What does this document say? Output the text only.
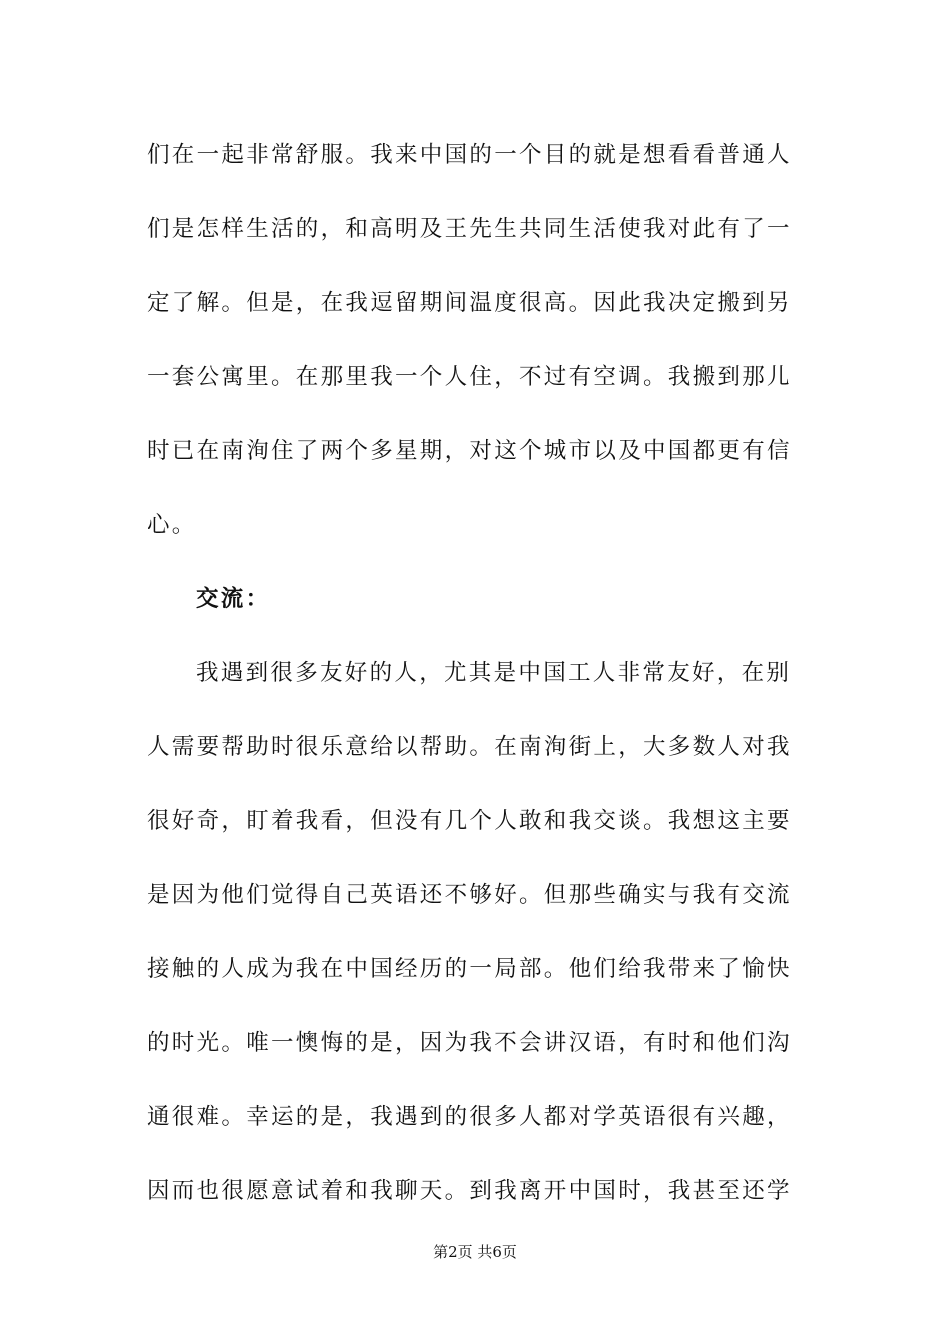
们在一起非常舒服。我来中国的一个目的就是想看看普通人
们是怎样生活的，和高明及王先生共同生活使我对此有了一
定了解。但是，在我逗留期间温度很高。因此我决定搬到另
一套公寓里。在那里我一个人住，不过有空调。我搬到那儿
时已在南洵住了两个多星期，对这个城市以及中国都更有信
心。
交流：
我遇到很多友好的人，尤其是中国工人非常友好，在别
人需要帮助时很乐意给以帮助。在南洵街上，大多数人对我
很好奇，盯着我看，但没有几个人敢和我交谈。我想这主要
是因为他们觉得自己英语还不够好。但那些确实与我有交流
接触的人成为我在中国经历的一局部。他们给我带来了愉快
的时光。唯一懊悔的是，因为我不会讲汉语，有时和他们沟
通很难。幸运的是，我遇到的很多人都对学英语很有兴趣，
因而也很愿意试着和我聊天。到我离开中国时，我甚至还学
第2页 共6页
